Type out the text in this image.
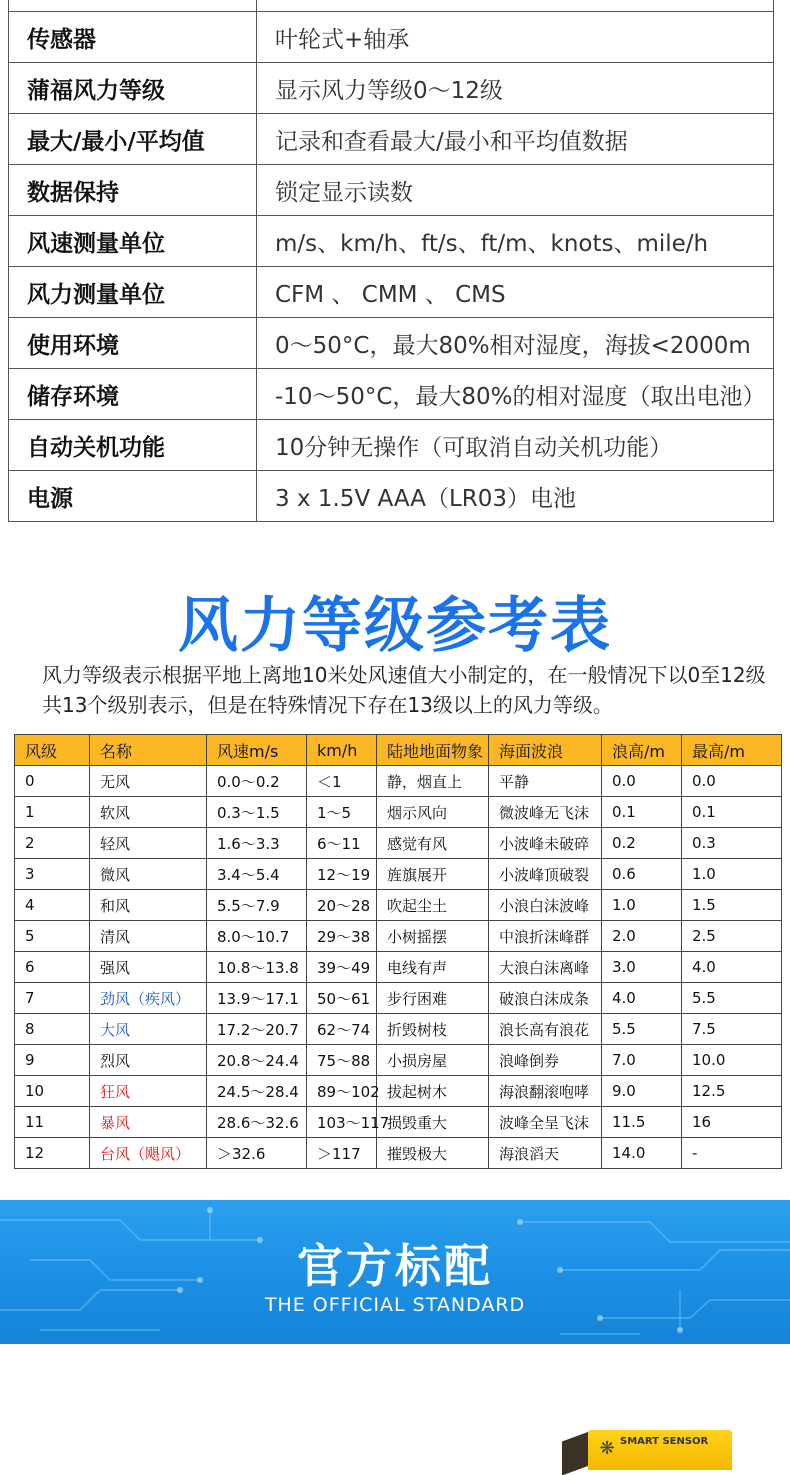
传感器	叶轮式+轴承
蒲福风力等级	显示风力等级0～12级
最大/最小/平均值	记录和查看最大/最小和平均值数据
数据保持	锁定显示读数
风速测量单位	m/s、km/h、ft/s、ft/m、knots、mile/h
风力测量单位	CFM 、 CMM 、 CMS
使用环境	0～50°C，最大80%相对湿度，海拔<2000m
储存环境	-10～50°C，最大80%的相对湿度（取出电池）
自动关机功能	10分钟无操作（可取消自动关机功能）
电源	3 x 1.5V AAA（LR03）电池
风力等级参考表
风力等级表示根据平地上离地10米处风速值大小制定的，在一般情况下以0至12级共13个级别表示，但是在特殊情况下存在13级以上的风力等级。
风级	名称	风速m/s	km/h	陆地地面物象	海面波浪	浪高/m	最高/m
0	无风	0.0～0.2	＜1	静，烟直上	平静	0.0	0.0
1	软风	0.3～1.5	1～5	烟示风向	微波峰无飞沫	0.1	0.1
2	轻风	1.6～3.3	6～11	感觉有风	小波峰未破碎	0.2	0.3
3	微风	3.4～5.4	12～19	旌旗展开	小波峰顶破裂	0.6	1.0
4	和风	5.5～7.9	20～28	吹起尘土	小浪白沫波峰	1.0	1.5
5	清风	8.0～10.7	29～38	小树摇摆	中浪折沫峰群	2.0	2.5
6	强风	10.8～13.8	39～49	电线有声	大浪白沫离峰	3.0	4.0
7	劲风（疾风）	13.9～17.1	50～61	步行困难	破浪白沫成条	4.0	5.5
8	大风	17.2～20.7	62～74	折毁树枝	浪长高有浪花	5.5	7.5
9	烈风	20.8～24.4	75～88	小损房屋	浪峰倒券	7.0	10.0
10	狂风	24.5～28.4	89～102	拔起树木	海浪翻滚咆哮	9.0	12.5
11	暴风	28.6～32.6	103～117	损毁重大	波峰全呈飞沫	11.5	16
12	台风（飓风）	＞32.6	＞117	摧毁极大	海浪滔天	14.0	-
官方标配
THE OFFICIAL STANDARD
❋ SMART SENSOR
